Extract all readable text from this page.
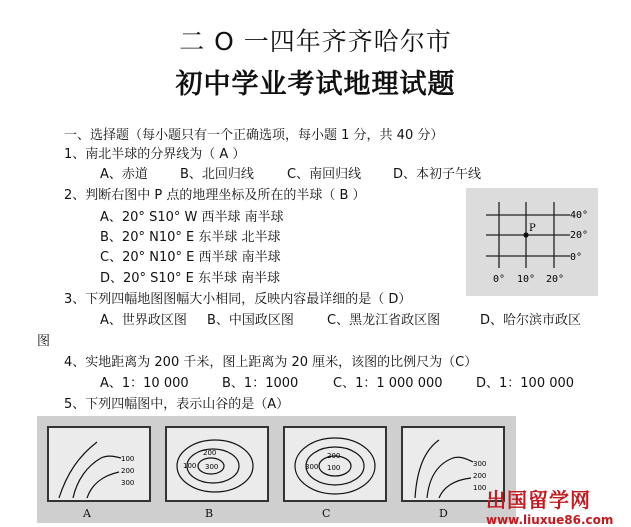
二 O 一四年齐齐哈尔市
初中学业考试地理试题
一、选择题（每小题只有一个正确选项，每小题 1 分，共 40 分）
1、南北半球的分界线为（ A ）
A、赤道 B、北回归线	C、南回归线 D、本初子午线
2、判断右图中 P 点的地理坐标及所在的半球（ B ）
A、20° S10° W 西半球 南半球
B、20° N10° E 东半球 北半球
C、20° N10° E 西半球 南半球
D、20° S10° E 东半球 南半球
P
40°
20°
0°
0° 10° 20°
3、下列四幅地图图幅大小相同，反映内容最详细的是（ D）
A、世界政区图 B、中国政区图	C、黑龙江省政区图	D、哈尔滨市政区
图
4、实地距离为 200 千米，图上距离为 20 厘米，该图的比例尺为（C）
A、1：10 000	B、1：1000	C、1：1 000 000	D、1：100 000
5、下列四幅图中，表示山谷的是（A）
100
200
300
A
100
200
300
B
300
200
100
C
300
200
100
D
出国留学网
www.liuxue86.com
